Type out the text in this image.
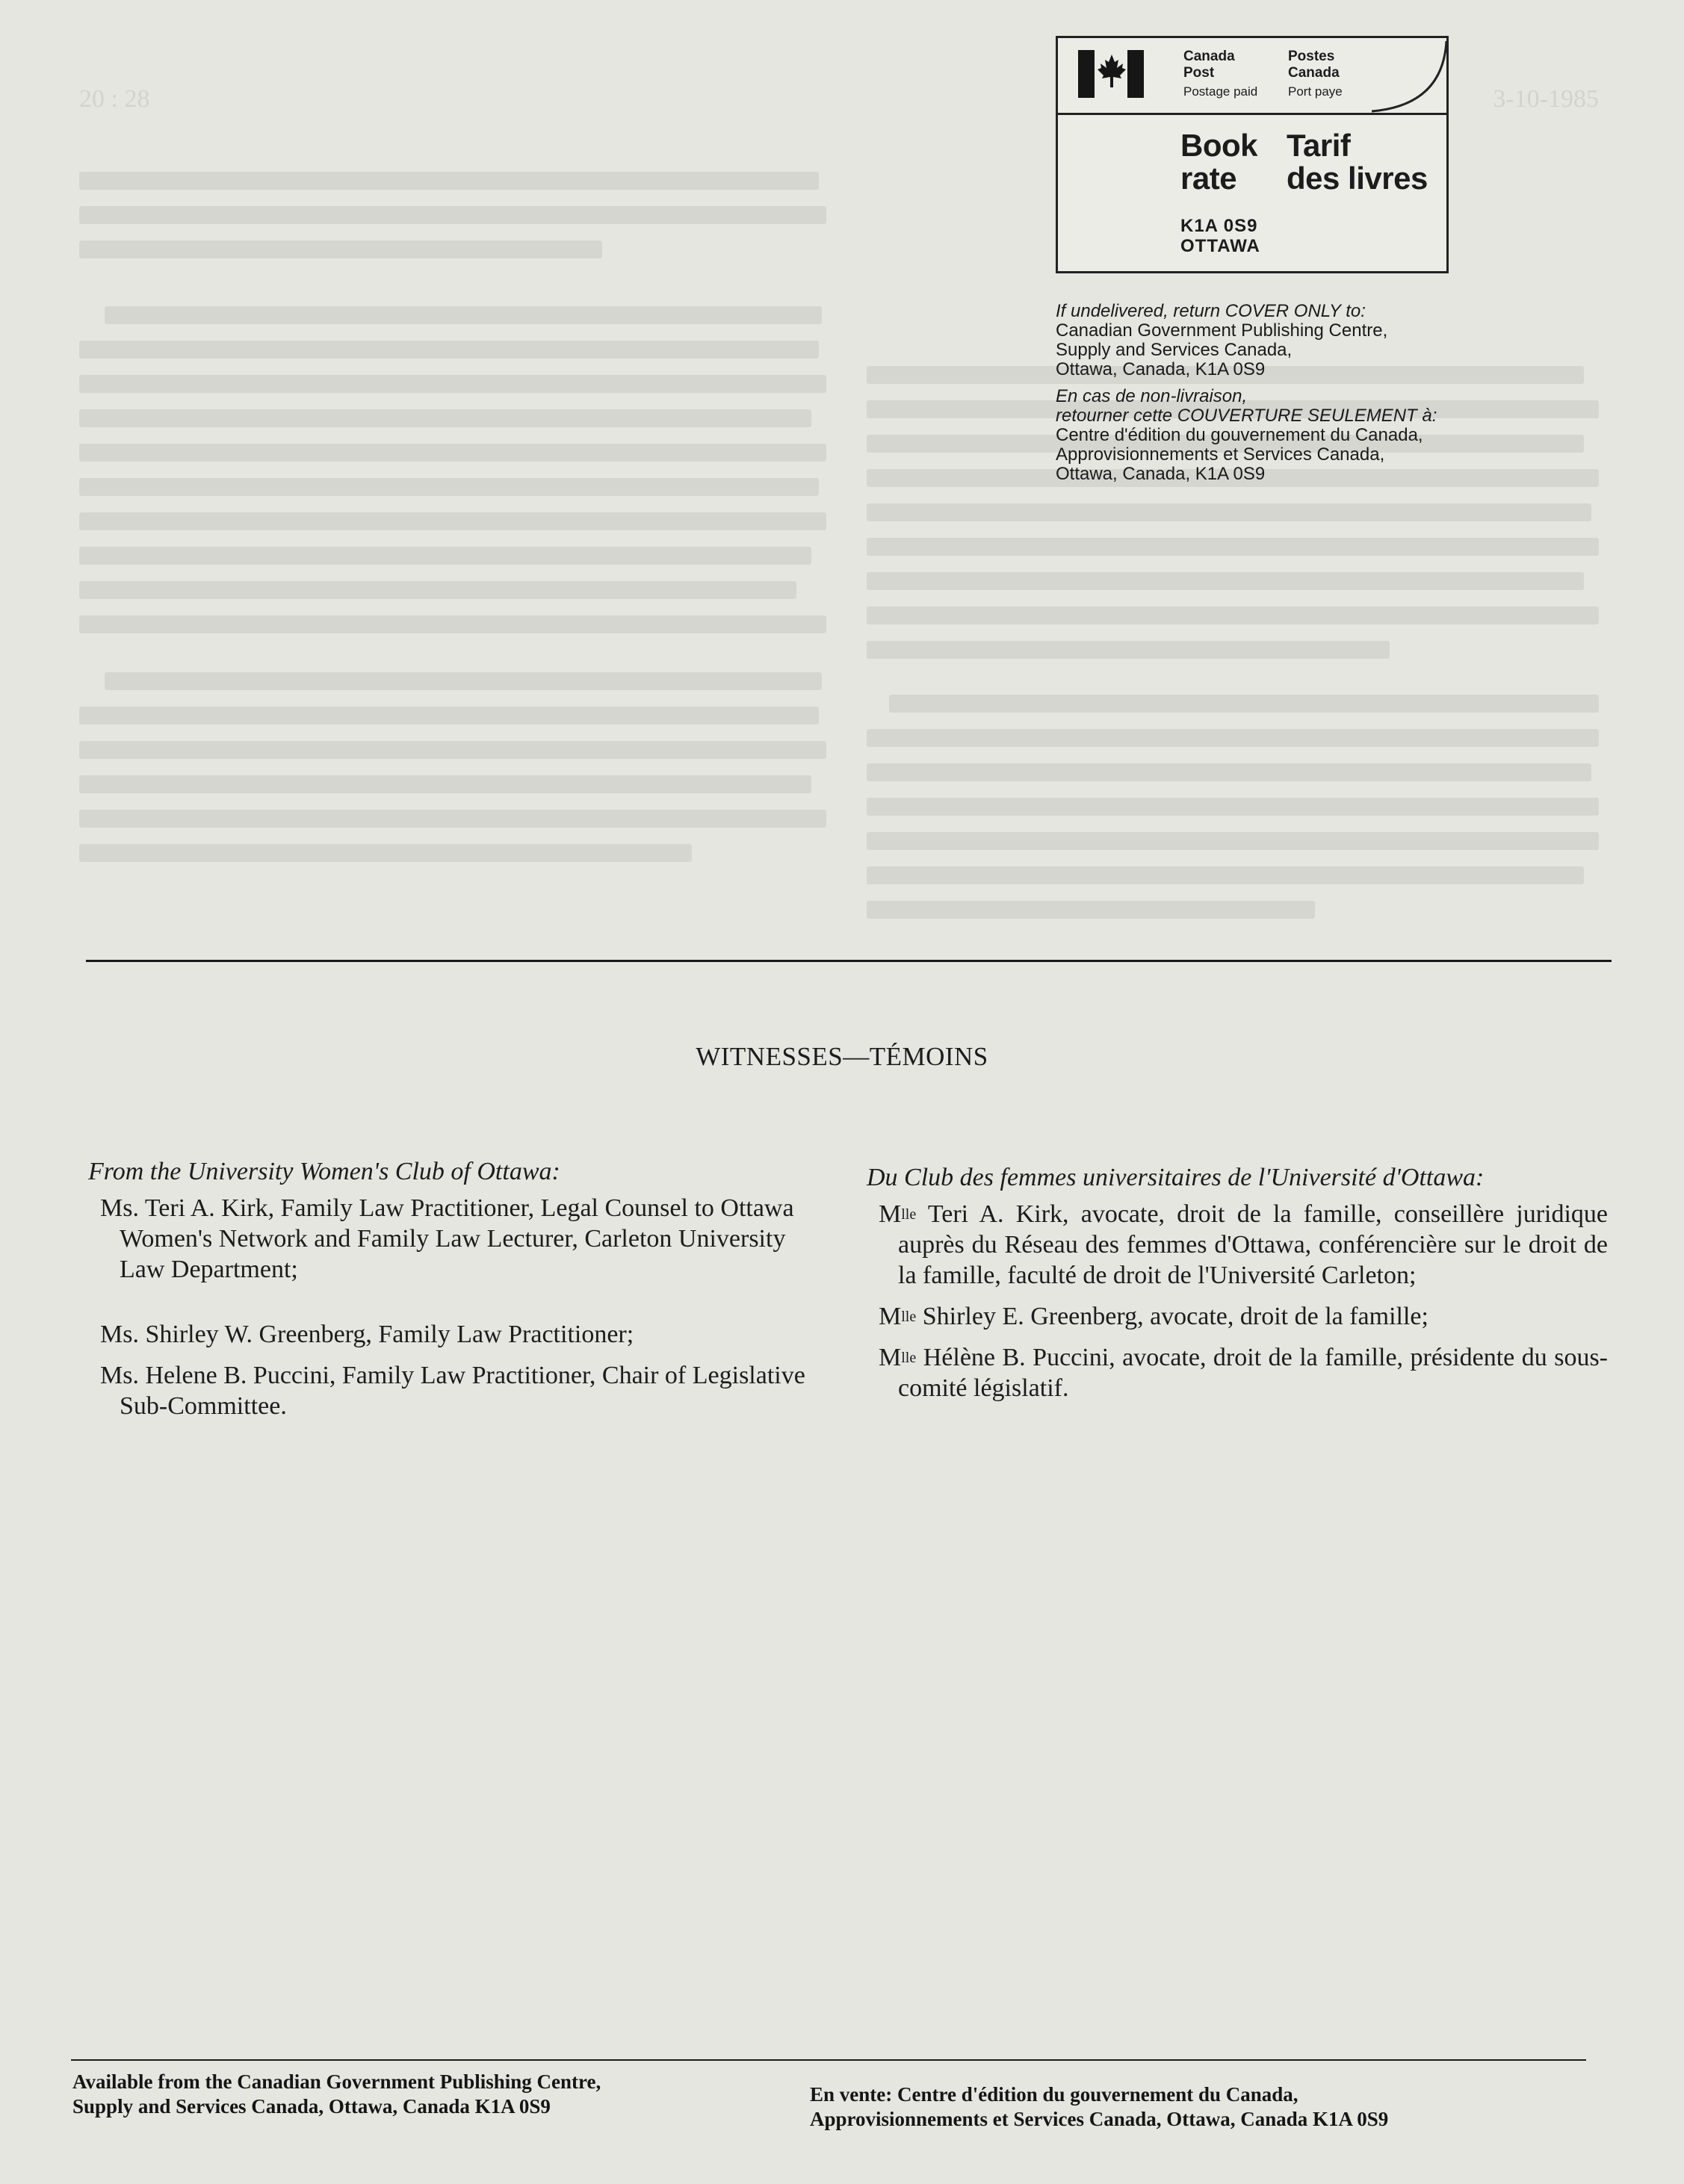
20 : 28	3-10-1985
Canada
Post
Postes
Canada
Postage paid Port paye
Book
rate
Tarif
des livres
K1A 0S9
OTTAWA

If undelivered, return COVER ONLY to:

Canadian Government Publishing Centre,

Supply and Services Canada,

Ottawa, Canada, K1A 0S9

En cas de non-livraison,

retourner cette COUVERTURE SEULEMENT à:

Centre d'édition du gouvernement du Canada,

Approvisionnements et Services Canada,

Ottawa, Canada, K1A 0S9

WITNESSES—TÉMOINS

From the University Women's Club of Ottawa:

Ms. Teri A. Kirk, Family Law Practitioner, Legal Counsel to Ottawa Women's Network and Family Law Lecturer, Carleton University Law Department;

Ms. Shirley W. Greenberg, Family Law Practitioner;

Ms. Helene B. Puccini, Family Law Practitioner, Chair of Legislative Sub-Committee.

Du Club des femmes universitaires de l'Université d'Ottawa:

$M^{lle}$ Teri A. Kirk, avocate, droit de la famille, conseillère juridique auprès du Réseau des femmes d'Ottawa, conférencière sur le droit de la famille, faculté de droit de l'Université Carleton;

$M^{lle}$ Shirley E. Greenberg, avocate, droit de la famille;

$M^{lle}$ Hélène B. Puccini, avocate, droit de la famille, présidente du sous-comité législatif.

Available from the Canadian Government Publishing Centre,
Supply and Services Canada, Ottawa, Canada K1A 0S9
En vente: Centre d'édition du gouvernement du Canada,
Approvisionnements et Services Canada, Ottawa, Canada K1A 0S9
